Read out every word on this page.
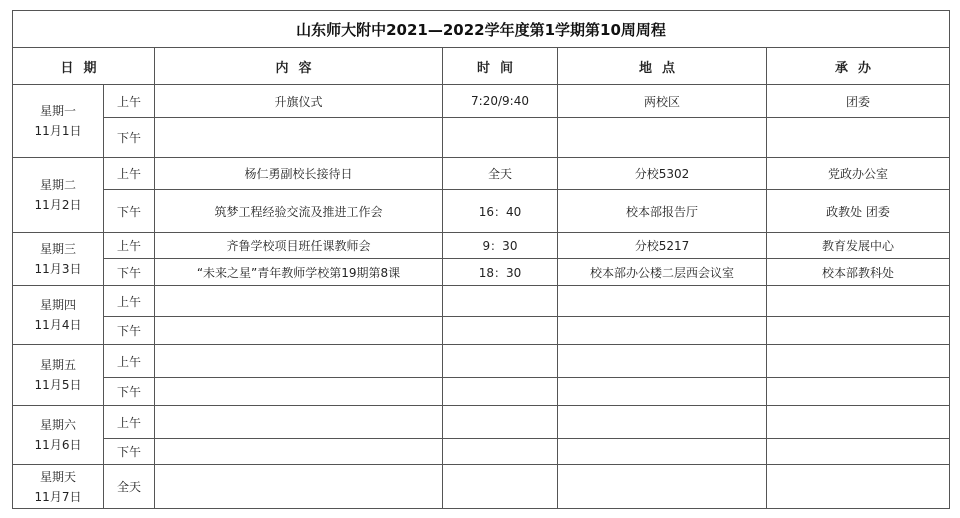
山东师大附中2021—2022学年度第1学期第10周周程					
日期		内容	时间	地点	承办

星期一
11月1日	上午	升旗仪式	7:20/9:40	两校区	团委
	下午				

星期二
11月2日	上午	杨仁勇副校长接待日	全天	分校5302	党政办公室
	下午	筑梦工程经验交流及推进工作会	16：40	校本部报告厅	政教处 团委

星期三
11月3日	上午	齐鲁学校项目班任课教师会	9：30	分校5217	教育发展中心
	下午	“未来之星”青年教师学校第19期第8课	18：30	校本部办公楼二层西会议室	校本部教科处

星期四
11月4日	上午				
	下午				

星期五
11月5日	上午				
	下午				

星期六
11月6日	上午				
	下午				

星期天
11月7日	全天				
